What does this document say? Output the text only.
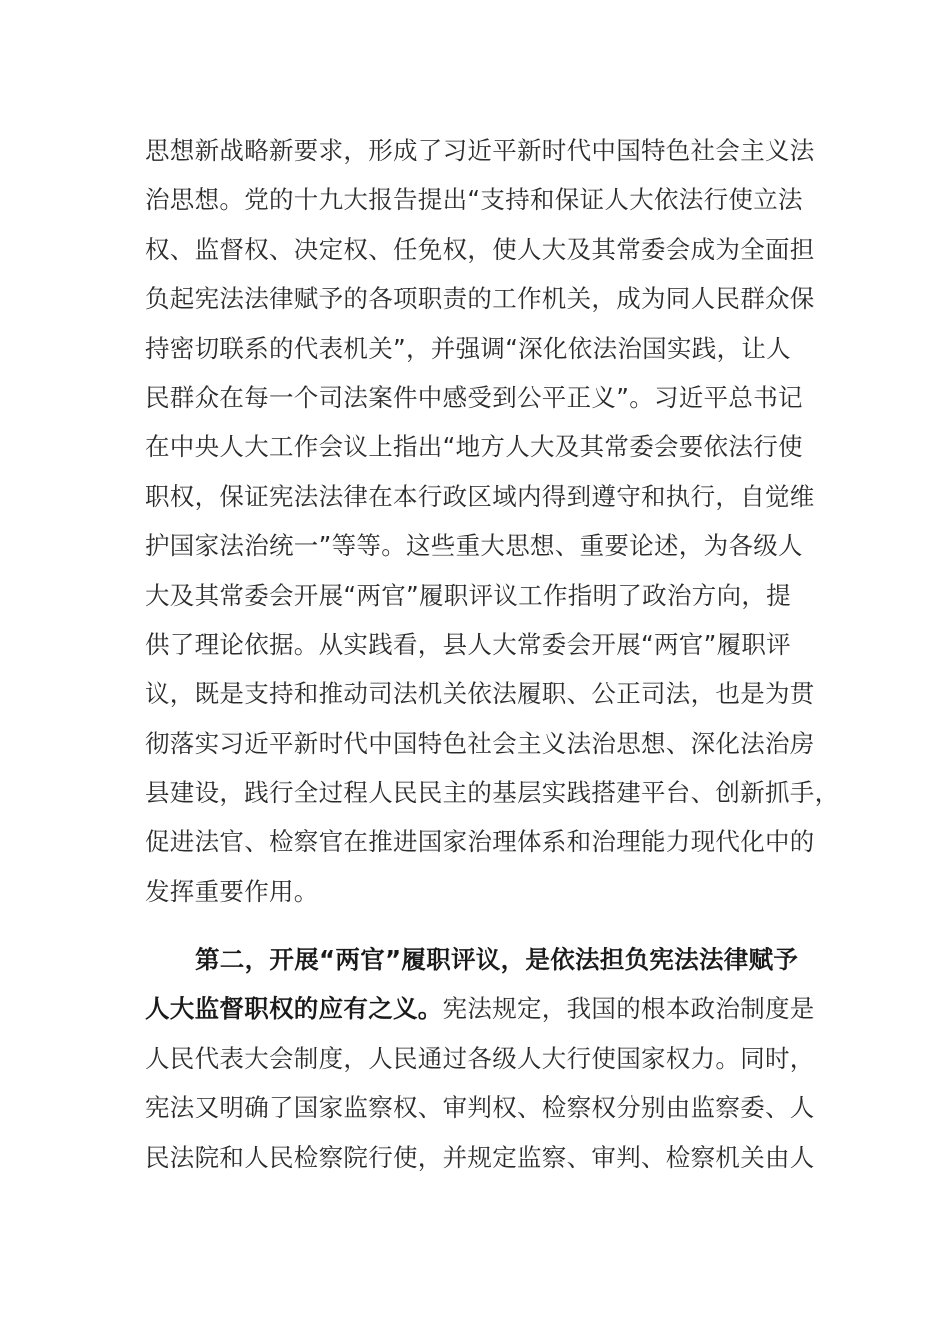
思想新战略新要求，形成了习近平新时代中国特色社会主义法
治思想。党的十九大报告提出“支持和保证人大依法行使立法
权、监督权、决定权、任免权，使人大及其常委会成为全面担
负起宪法法律赋予的各项职责的工作机关，成为同人民群众保
持密切联系的代表机关”，并强调“深化依法治国实践，让人
民群众在每一个司法案件中感受到公平正义”。习近平总书记
在中央人大工作会议上指出“地方人大及其常委会要依法行使
职权，保证宪法法律在本行政区域内得到遵守和执行，自觉维
护国家法治统一”等等。这些重大思想、重要论述，为各级人
大及其常委会开展“两官”履职评议工作指明了政治方向，提
供了理论依据。从实践看，县人大常委会开展“两官”履职评
议，既是支持和推动司法机关依法履职、公正司法，也是为贯
彻落实习近平新时代中国特色社会主义法治思想、深化法治房
县建设，践行全过程人民民主的基层实践搭建平台、创新抓手，
促进法官、检察官在推进国家治理体系和治理能力现代化中的
发挥重要作用。
第二，开展“两官”履职评议，是依法担负宪法法律赋予
人大监督职权的应有之义。宪法规定，我国的根本政治制度是
人民代表大会制度，人民通过各级人大行使国家权力。同时，
宪法又明确了国家监察权、审判权、检察权分别由监察委、人
民法院和人民检察院行使，并规定监察、审判、检察机关由人
